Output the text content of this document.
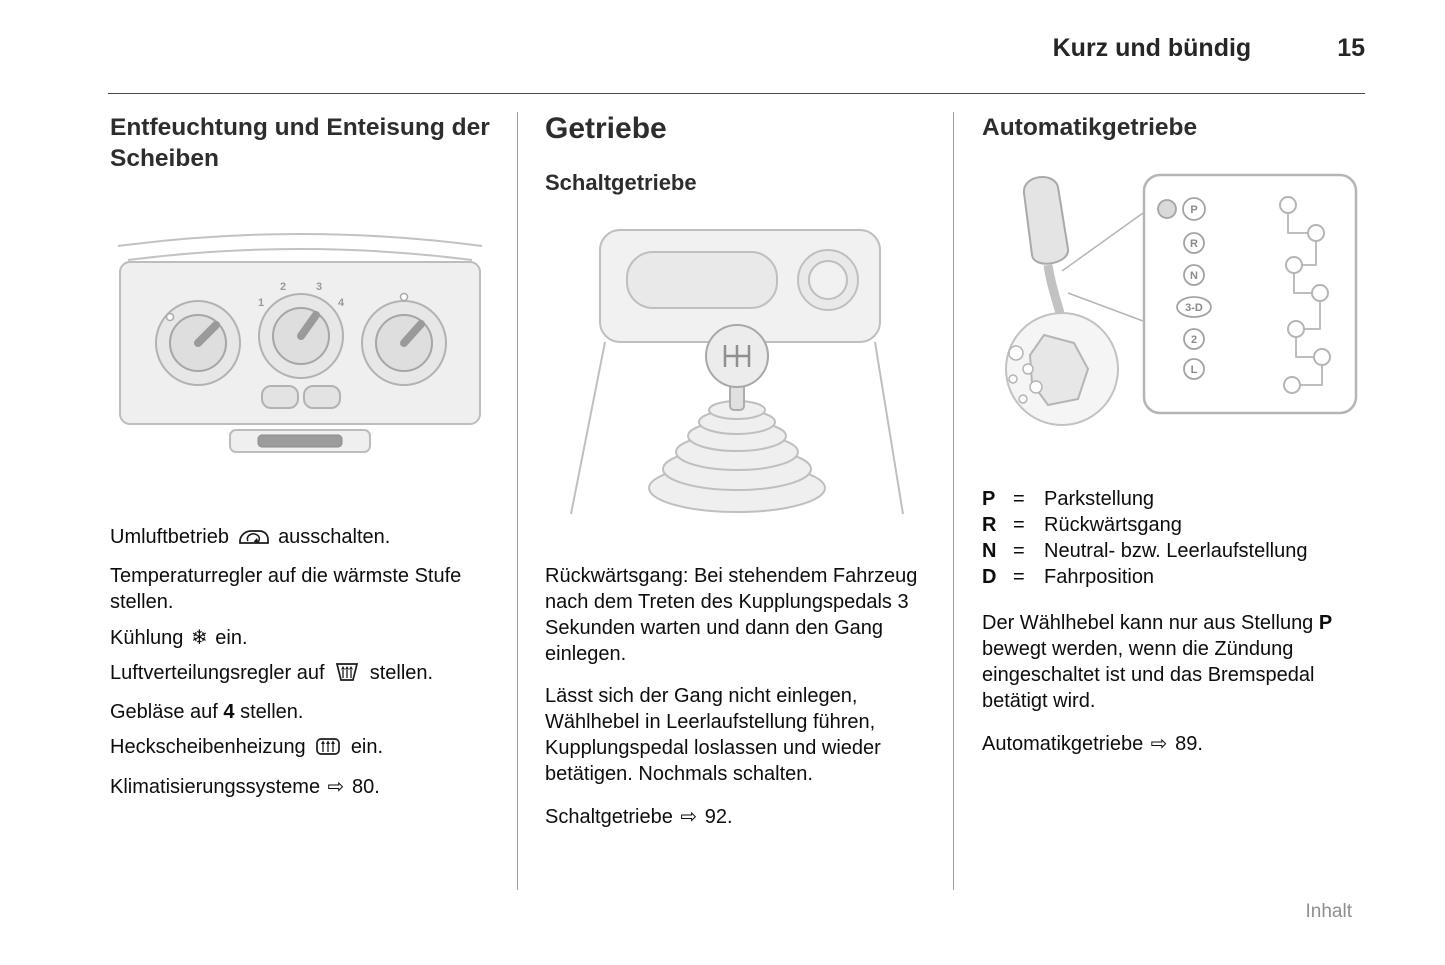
Kurz und bündig	15
Entfeuchtung und Enteisung der Scheiben
1
2	3
4

Umluftbetrieb ausschalten.

Temperaturregler auf die wärmste Stufe stellen.

Kühlung ❄ ein.

Luftverteilungsregler auf stellen.

Gebläse auf 4 stellen.

Heckscheibenheizung ein.

Klimatisierungssysteme ⇨ 80.

Getriebe
Schaltgetriebe

Rückwärtsgang: Bei stehendem Fahrzeug nach dem Treten des Kupplungspedals 3 Sekunden warten und dann den Gang einlegen.

Lässt sich der Gang nicht einlegen, Wählhebel in Leerlaufstellung führen, Kupplungspedal loslassen und wieder betätigen. Nochmals schalten.

Schaltgetriebe ⇨ 92.

Automatikgetriebe
P
R
N
3-D
2
L
P = Parkstellung
R = Rückwärtsgang
N = Neutral- bzw. Leerlaufstellung
D = Fahrposition

Der Wählhebel kann nur aus Stellung P bewegt werden, wenn die Zündung eingeschaltet ist und das Bremspedal betätigt wird.

Automatikgetriebe ⇨ 89.

Inhalt
